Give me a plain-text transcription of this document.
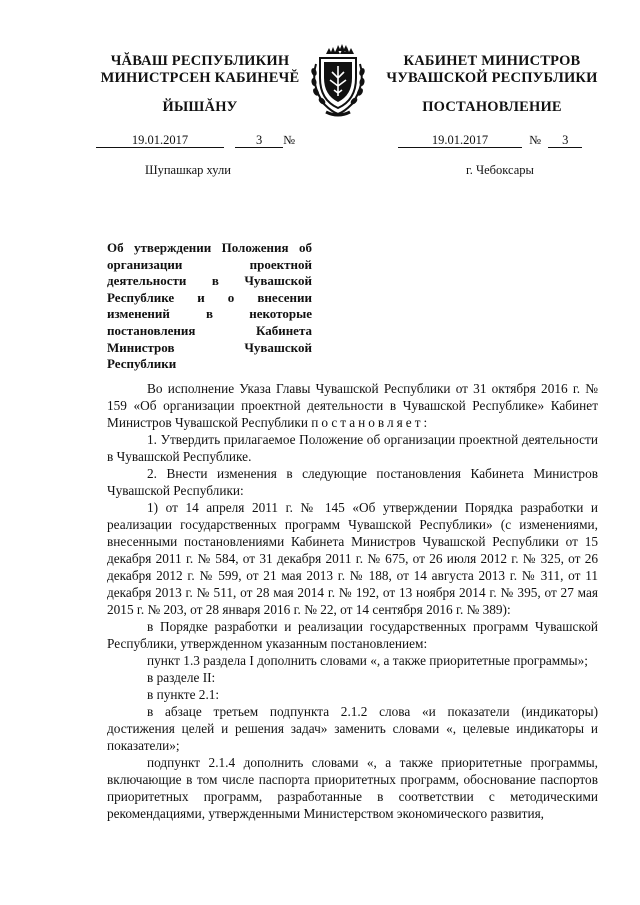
ЧĂВАШ РЕСПУБЛИКИН
МИНИСТРСЕН КАБИНЕЧĔ
ЙЫШĂНУ
КАБИНЕТ МИНИСТРОВ
ЧУВАШСКОЙ РЕСПУБЛИКИ
ПОСТАНОВЛЕНИЕ
19.01.2017	3 №	19.01.2017	№ 3
Шупашкар хули	г. Чебоксары
Об утверждении Положения об организации проектной деятельности в Чувашской Республике и о внесении изменений в некоторые постановления Кабинета Министров Чувашской Республики

Во исполнение Указа Главы Чувашской Республики от 31 октября 2016 г. № 159 «Об организации проектной деятельности в Чувашской Республике» Кабинет Министров Чувашской Республики постановляет:

1. Утвердить прилагаемое Положение об организации проектной деятельности в Чувашской Республике.

2. Внести изменения в следующие постановления Кабинета Министров Чувашской Республики:

1) от 14 апреля 2011 г. № 145 «Об утверждении Порядка разработки и реализации государственных программ Чувашской Республики» (с изменениями, внесенными постановлениями Кабинета Министров Чувашской Республики от 15 декабря 2011 г. № 584, от 31 декабря 2011 г. № 675, от 26 июля 2012 г. № 325, от 26 декабря 2012 г. № 599, от 21 мая 2013 г. № 188, от 14 августа 2013 г. № 311, от 11 декабря 2013 г. № 511, от 28 мая 2014 г. № 192, от 13 ноября 2014 г. № 395, от 27 мая 2015 г. № 203, от 28 января 2016 г. № 22, от 14 сентября 2016 г. № 389):

в Порядке разработки и реализации государственных программ Чувашской Республики, утвержденном указанным постановлением:

пункт 1.3 раздела I дополнить словами «, а также приоритетные программы»;

в разделе II:

в пункте 2.1:

в абзаце третьем подпункта 2.1.2 слова «и показатели (индикаторы) достижения целей и решения задач» заменить словами «, целевые индикаторы и показатели»;

подпункт 2.1.4 дополнить словами «, а также приоритетные программы, включающие в том числе паспорта приоритетных программ, обоснование паспортов приоритетных программ, разработанные в соответствии с методическими рекомендациями, утвержденными Министерством экономического развития,
